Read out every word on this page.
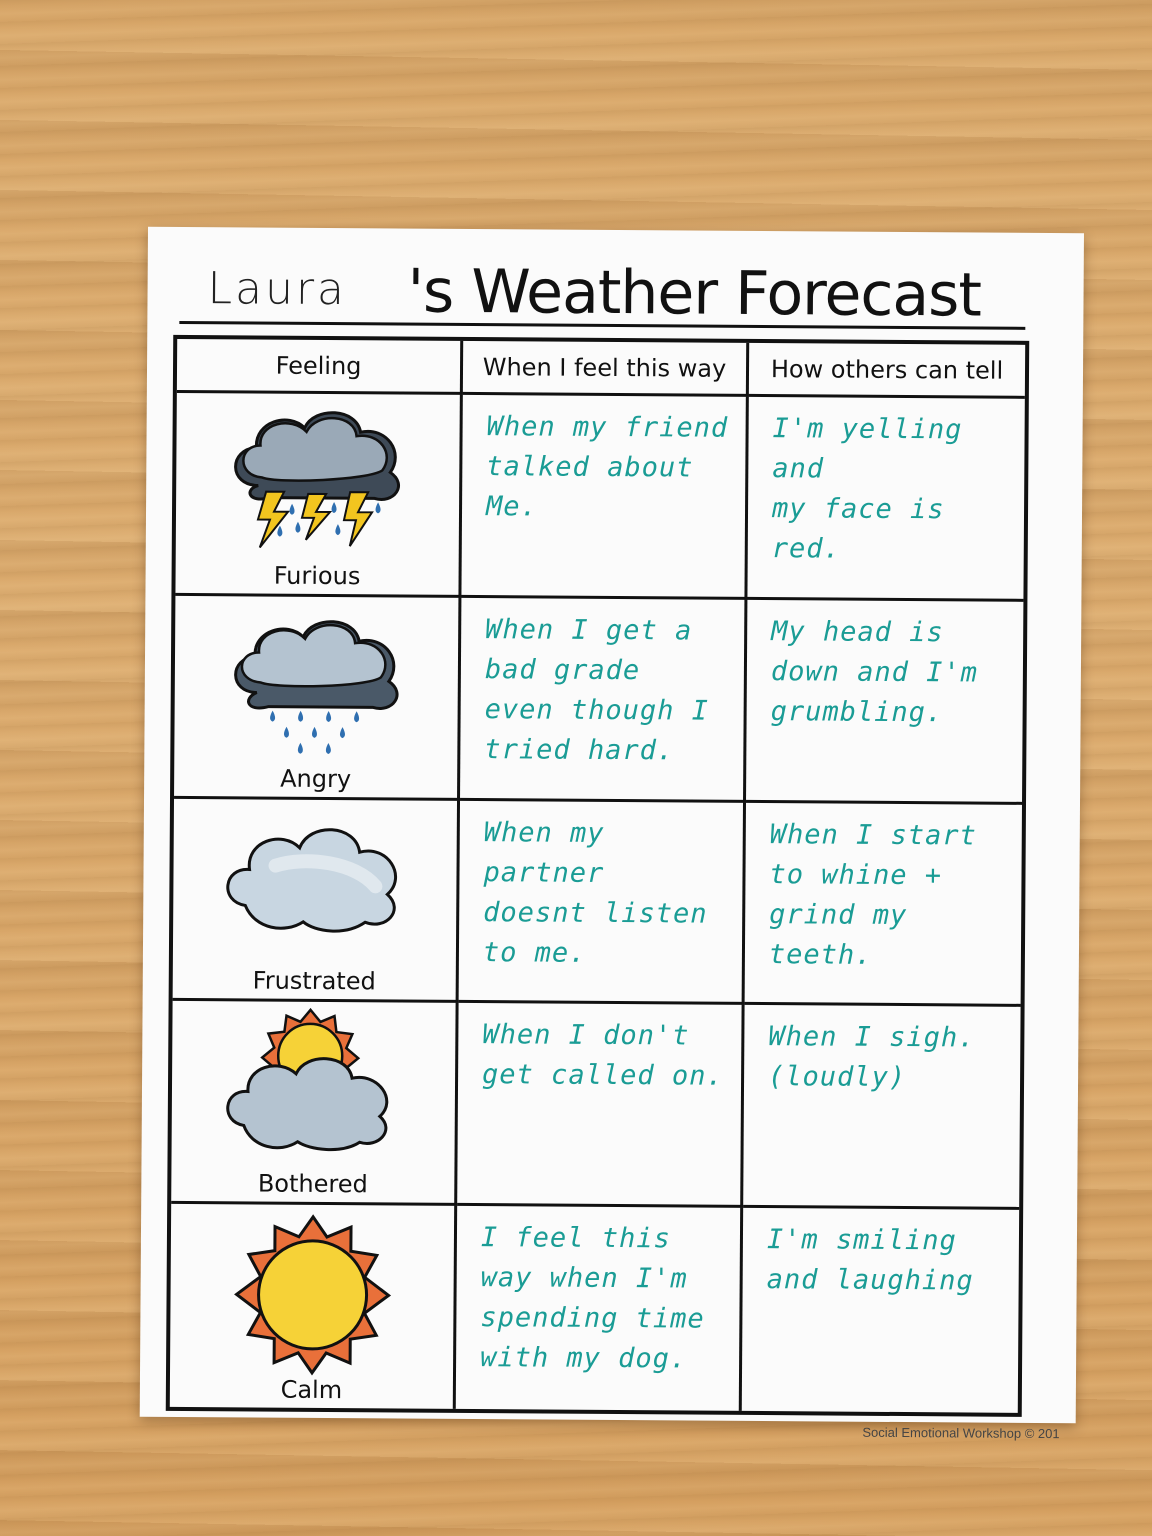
Laura 's Weather Forecast
Feeling	When I feel this way	How others can tell
Furious
When my friend
talked about
Me.
I'm yelling and
my face is red.
Angry
When I get a
bad grade
even though I
tried hard.
My head is
down and I'm
grumbling.
Frustrated
When my partner
doesnt listen
to me.
When I start
to whine +
grind my teeth.
Bothered
When I don't
get called on.
When I sigh.
(loudly)
Calm
I feel this
way when I'm
spending time
with my dog.
I'm smiling
and laughing
Social Emotional Workshop © 201
